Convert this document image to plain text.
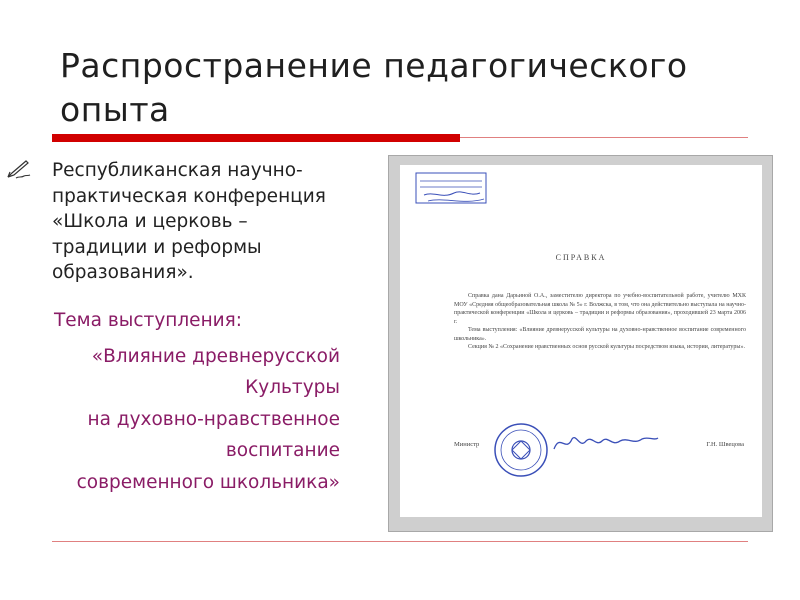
Распространение педагогического опыта

Республиканская научно-практическая конференция «Школа и церковь – традиции и реформы образования».

Тема выступления:

«Влияние древнерусской
Культуры
на духовно-нравственное
воспитание
современного школьника»
СПРАВКА

Справка дана Дарьиной О.А., заместителю директора по учебно-воспитательной работе, учителю МХК МОУ «Средняя общеобразовательная школа № 5» г. Волжска, в том, что она действительно выступала на научно-практической конференции «Школа и церковь – традиции и реформы образования», проходившей 23 марта 2006 г.

Тема выступления: «Влияние древнерусской культуры на духовно-нравственное воспитание современного школьника».

Секция № 2 «Сохранение нравственных основ русской культуры посредством языка, истории, литературы».

Министр	Г.Н. Швецова
